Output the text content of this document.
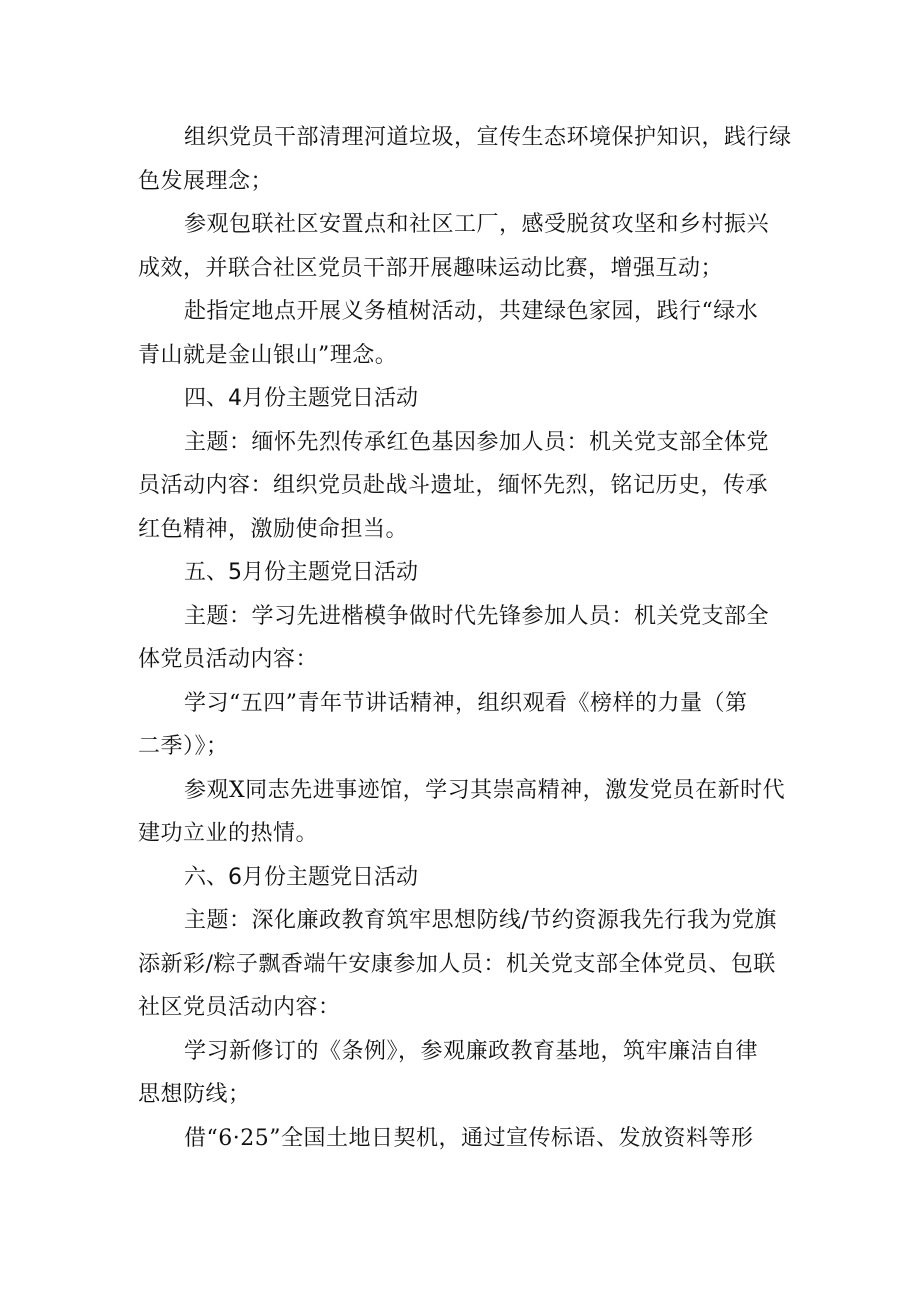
组织党员干部清理河道垃圾，宣传生态环境保护知识，践行绿
色发展理念；
参观包联社区安置点和社区工厂，感受脱贫攻坚和乡村振兴
成效，并联合社区党员干部开展趣味运动比赛，增强互动；
赴指定地点开展义务植树活动，共建绿色家园，践行“绿水
青山就是金山银山”理念。
四、4月份主题党日活动
主题：缅怀先烈传承红色基因参加人员：机关党支部全体党
员活动内容：组织党员赴战斗遗址，缅怀先烈，铭记历史，传承
红色精神，激励使命担当。
五、5月份主题党日活动
主题：学习先进楷模争做时代先锋参加人员：机关党支部全
体党员活动内容：
学习“五四”青年节讲话精神，组织观看《榜样的力量（第
二季）》；
参观X同志先进事迹馆，学习其崇高精神，激发党员在新时代
建功立业的热情。
六、6月份主题党日活动
主题：深化廉政教育筑牢思想防线/节约资源我先行我为党旗
添新彩/粽子飘香端午安康参加人员：机关党支部全体党员、包联
社区党员活动内容：
学习新修订的《条例》，参观廉政教育基地，筑牢廉洁自律
思想防线；
借“6·25”全国土地日契机，通过宣传标语、发放资料等形
